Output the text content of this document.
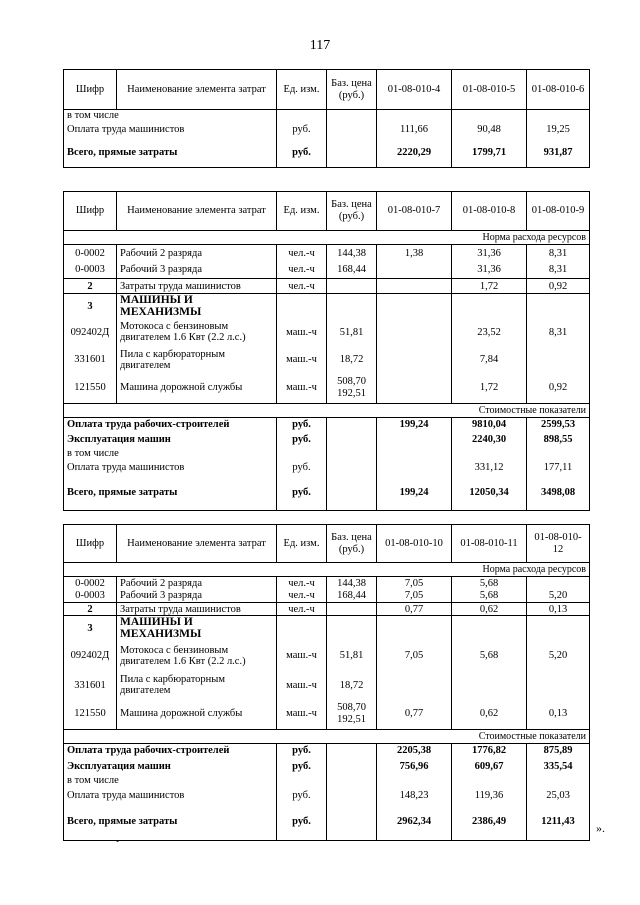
117
Шифр	Наименование элемента затрат	Ед. изм.	Баз. цена (руб.)	01-08-010-4	01-08-010-5	01-08-010-6
в том числе						
Оплата труда машинистов		руб.		111,66	90,48	19,25
Всего, прямые затраты		руб.		2220,29	1799,71	931,87
Шифр	Наименование элемента затрат	Ед. изм.	Баз. цена (руб.)	01-08-010-7	01-08-010-8	01-08-010-9
Норма расхода ресурсов						
0-0002	Рабочий 2 разряда	чел.-ч	144,38	1,38	31,36	8,31
0-0003	Рабочий 3 разряда	чел.-ч	168,44		31,36	8,31
2	Затраты труда машинистов	чел.-ч			1,72	0,92
3	МАШИНЫ И МЕХАНИЗМЫ					
092402Д	Мотокоса с бензиновым двигателем 1.6 Квт (2.2 л.с.)	маш.-ч	51,81		23,52	8,31
331601	Пила с карбюраторным двигателем	маш.-ч	18,72		7,84	
121550	Машина дорожной службы	маш.-ч	508,70
192,51		1,72	0,92
Стоимостные показатели						
Оплата труда рабочих-строителей		руб.		199,24	9810,04	2599,53
Эксплуатация машин		руб.			2240,30	898,55
в том числе						
Оплата труда машинистов		руб.			331,12	177,11
Всего, прямые затраты		руб.		199,24	12050,34	3498,08
Шифр	Наименование элемента затрат	Ед. изм.	Баз. цена (руб.)	01-08-010-10	01-08-010-11	01-08-010-12
Норма расхода ресурсов						
0-0002	Рабочий 2 разряда	чел.-ч	144,38	7,05	5,68	
0-0003	Рабочий 3 разряда	чел.-ч	168,44	7,05	5,68	5,20
2	Затраты труда машинистов	чел.-ч		0,77	0,62	0,13
3	МАШИНЫ И МЕХАНИЗМЫ					
092402Д	Мотокоса с бензиновым двигателем 1.6 Квт (2.2 л.с.)	маш.-ч	51,81	7,05	5,68	5,20
331601	Пила с карбюраторным двигателем	маш.-ч	18,72			
121550	Машина дорожной службы	маш.-ч	508,70
192,51	0,77	0,62	0,13
Стоимостные показатели						
Оплата труда рабочих-строителей		руб.		2205,38	1776,82	875,89
Эксплуатация машин		руб.		756,96	609,67	335,54
в том числе						
Оплата труда машинистов		руб.		148,23	119,36	25,03
Всего, прямые затраты		руб.		2962,34	2386,49	1211,43 ».
ˇ
